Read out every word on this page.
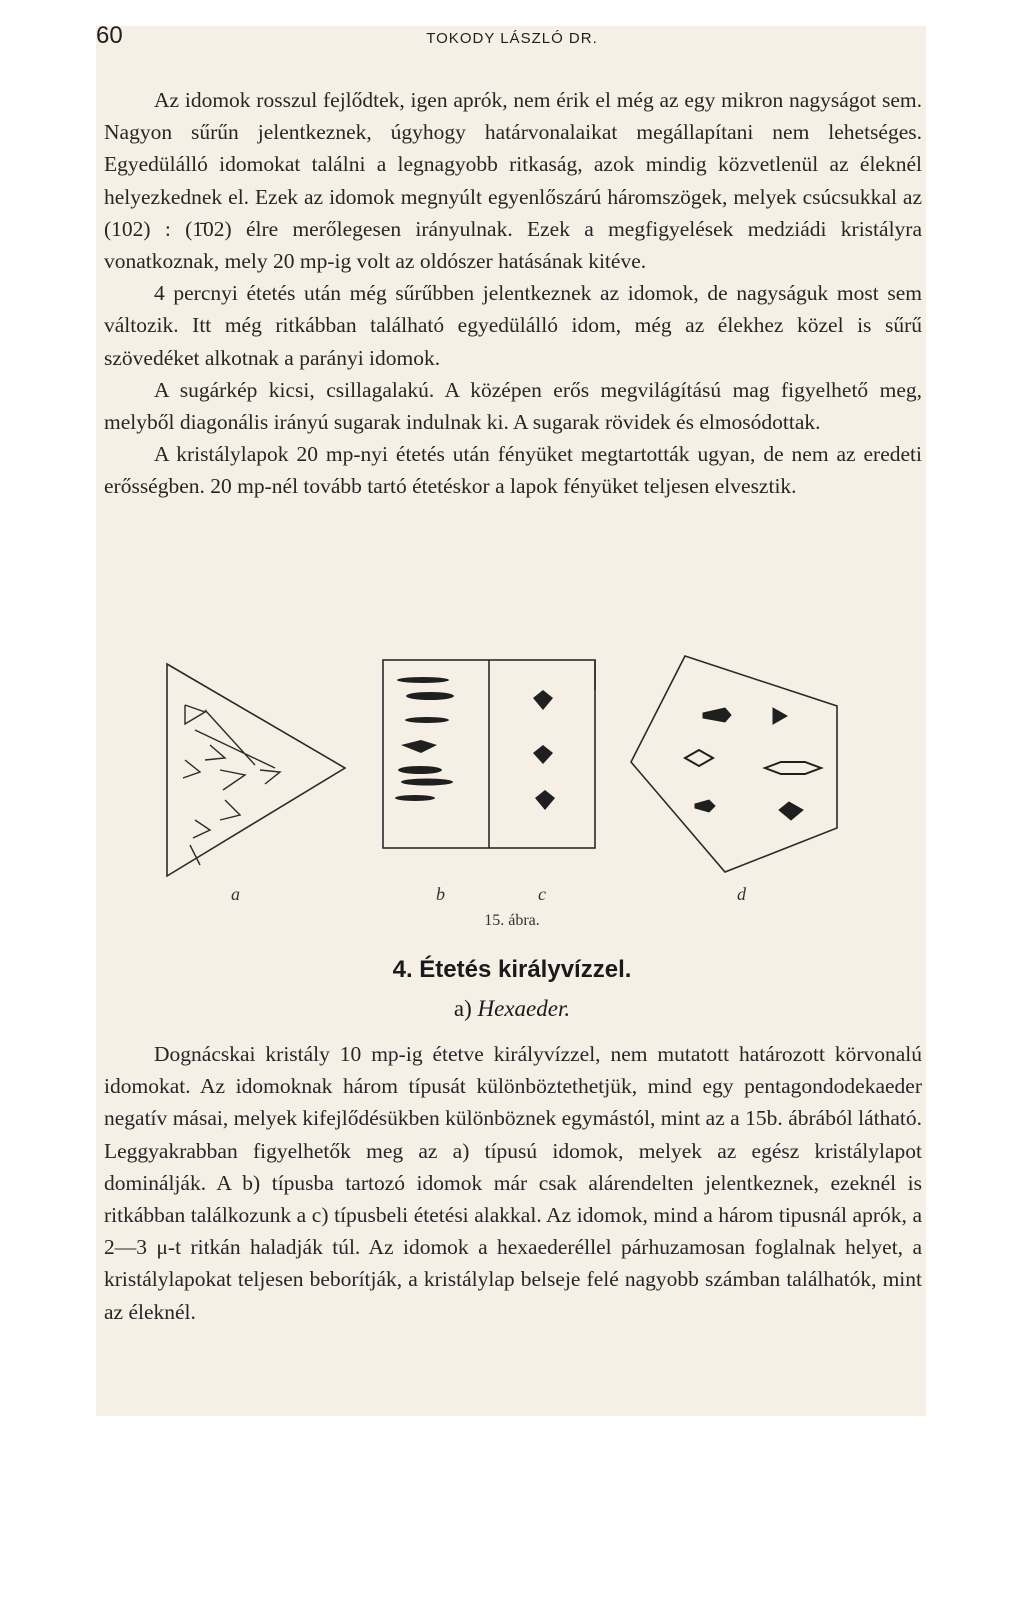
60	TOKODY LÁSZLÓ DR.

Az idomok rosszul fejlődtek, igen aprók, nem érik el még az egy mikron nagyságot sem. Nagyon sűrűn jelentkeznek, úgyhogy határvonalaikat megállapítani nem lehetséges. Egyedülálló idomokat találni a legnagyobb ritkaság, azok mindig közvetlenül az éleknél helyezkednek el. Ezek az idomok megnyúlt egyenlőszárú háromszögek, melyek csúcsukkal az (102) : (1̄02) élre merőlegesen irányulnak. Ezek a megfigyelések medziádi kristályra vonatkoznak, mely 20 mp-ig volt az oldószer hatásának kitéve.

4 percnyi étetés után még sűrűbben jelentkeznek az idomok, de nagyságuk most sem változik. Itt még ritkábban található egyedülálló idom, még az élekhez közel is sűrű szövedéket alkotnak a parányi idomok.

A sugárkép kicsi, csillagalakú. A középen erős megvilágítású mag figyelhető meg, melyből diagonális irányú sugarak indulnak ki. A sugarak rövidek és elmosódottak.

A kristálylapok 20 mp-nyi étetés után fényüket megtartották ugyan, de nem az eredeti erősségben. 20 mp-nél tovább tartó étetéskor a lapok fényüket teljesen elvesztik.

a	b	c	d
15. ábra.
4. Étetés királyvízzel.
a) Hexaeder.

Dognácskai kristály 10 mp-ig étetve királyvízzel, nem mutatott határozott körvonalú idomokat. Az idomoknak három típusát különböztethetjük, mind egy pentagondodekaeder negatív másai, melyek kifejlődésükben különböznek egymástól, mint az a 15b. ábrából látható. Leggyakrabban figyelhetők meg az a) típusú idomok, melyek az egész kristálylapot dominálják. A b) típusba tartozó idomok már csak alárendelten jelentkeznek, ezeknél is ritkábban találkozunk a c) típusbeli étetési alakkal. Az idomok, mind a három tipusnál aprók, a 2—3 μ-t ritkán haladják túl. Az idomok a hexaederéllel párhuzamosan foglalnak helyet, a kristálylapokat teljesen beborítják, a kristálylap belseje felé nagyobb számban találhatók, mint az éleknél.
